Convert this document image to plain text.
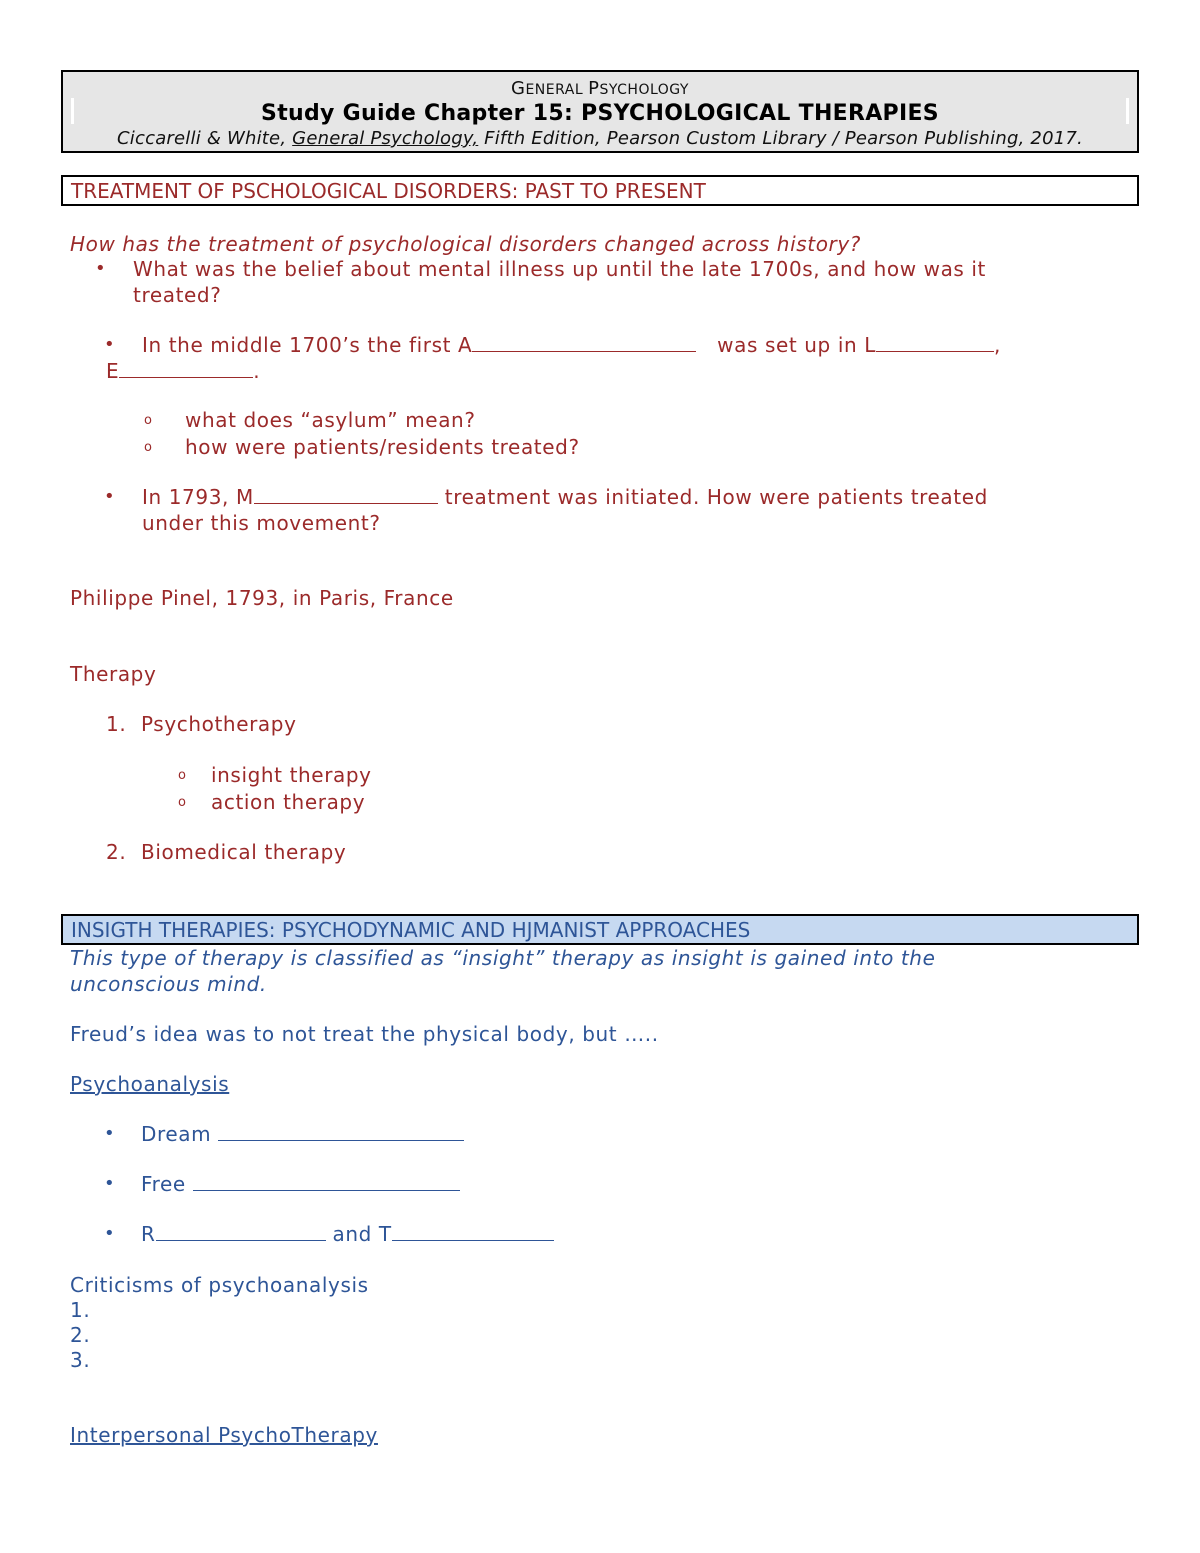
GENERAL PSYCHOLOGY
Study Guide Chapter 15: PSYCHOLOGICAL THERAPIES
Ciccarelli & White, General Psychology, Fifth Edition, Pearson Custom Library / Pearson Publishing, 2017.
TREATMENT OF PSCHOLOGICAL DISORDERS: PAST TO PRESENT
How has the treatment of psychological disorders changed across history?
• What was the belief about mental illness up until the late 1700s, and how was it
treated?
• In the middle 1700’s the first A	was set up in L	,
E	.
o what does “asylum” mean?
o how were patients/residents treated?
• In 1793, M	treatment was initiated. How were patients treated
under this movement?
Philippe Pinel, 1793, in Paris, France
Therapy
1. Psychotherapy
o insight therapy
o action therapy
2. Biomedical therapy
INSIGTH THERAPIES: PSYCHODYNAMIC AND HJMANIST APPROACHES
This type of therapy is classified as “insight” therapy as insight is gained into the
unconscious mind.
Freud’s idea was to not treat the physical body, but …..
Psychoanalysis
• Dream
• Free
• R	and T
Criticisms of psychoanalysis
1.
2.
3.
Interpersonal PsychoTherapy
